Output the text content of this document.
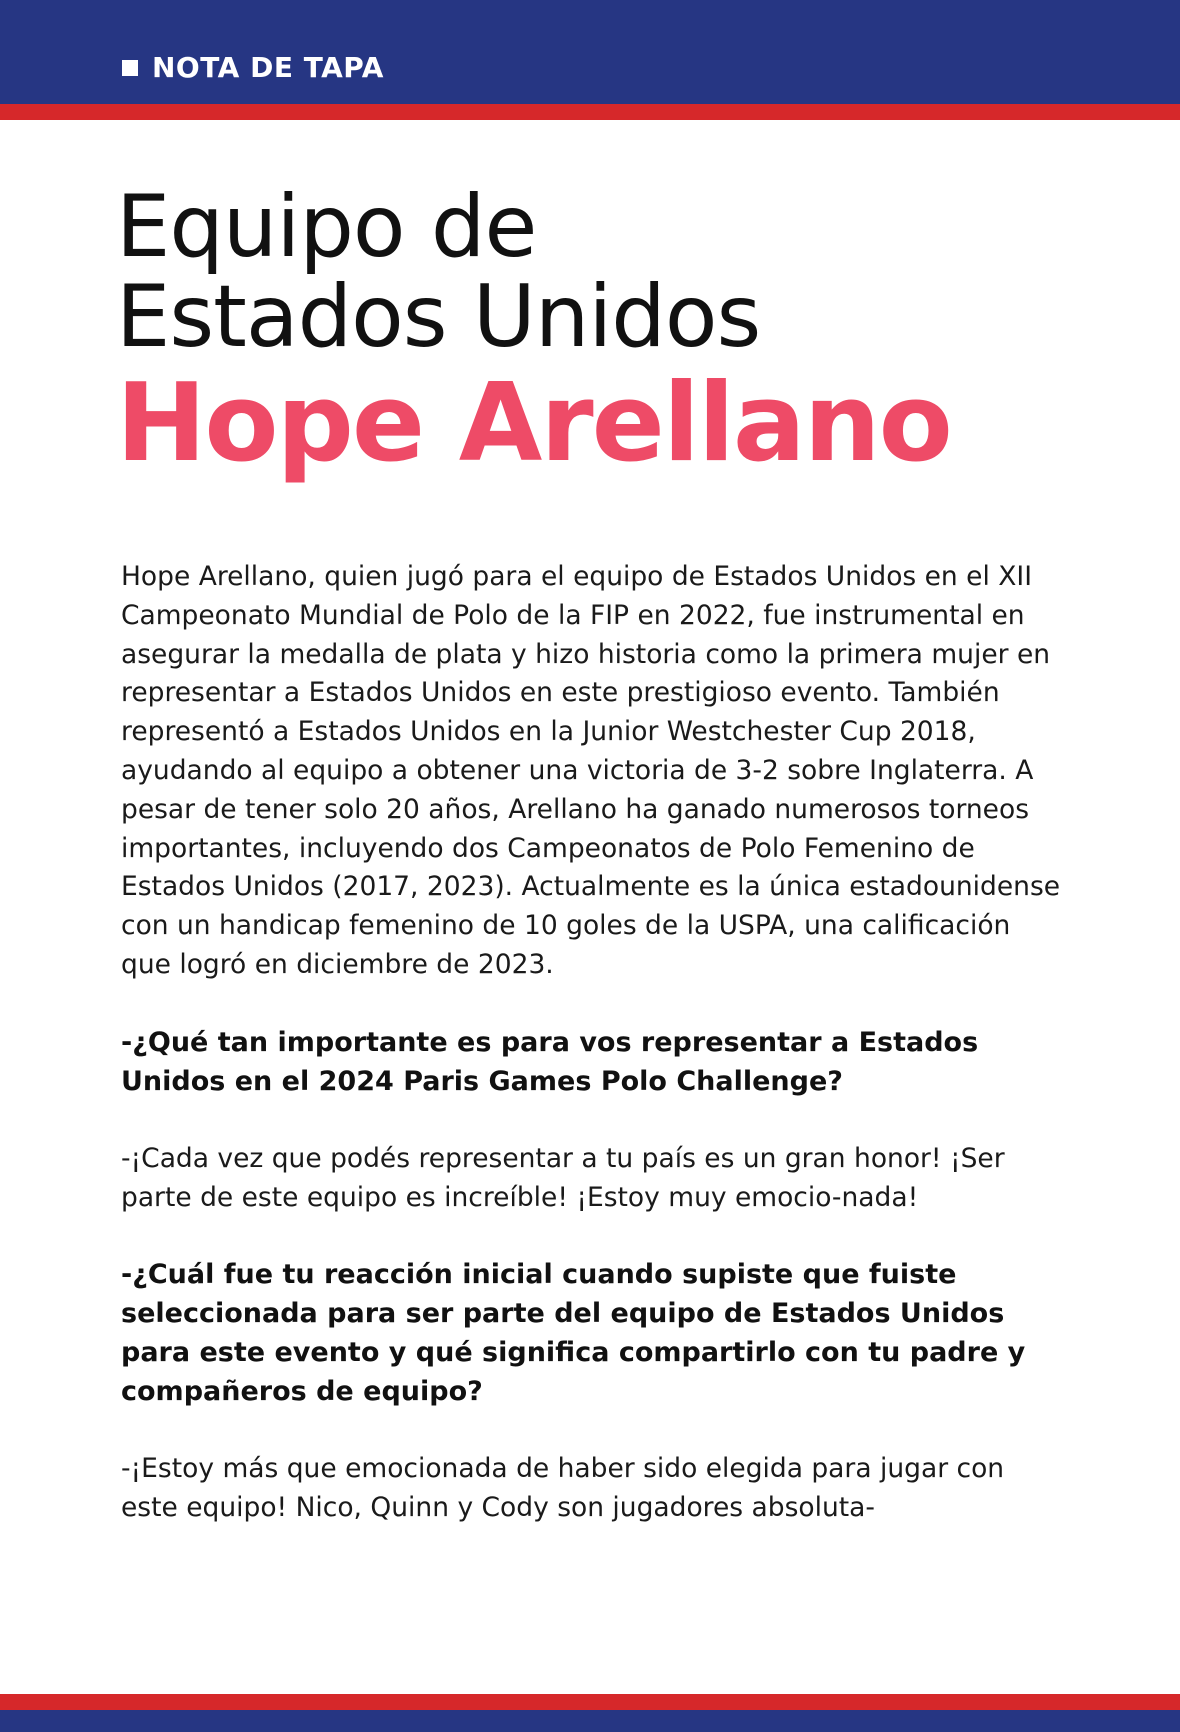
NOTA DE TAPA
Equipo de
Estados Unidos
Hope Arellano

Hope Arellano, quien jugó para el equipo de Estados Unidos en el XII Campeonato Mundial de Polo de la FIP en 2022, fue instrumental en asegurar la medalla de plata y hizo historia como la primera mujer en representar a Estados Unidos en este prestigioso evento. También representó a Estados Unidos en la Junior Westchester Cup 2018, ayudando al equipo a obtener una victoria de 3-2 sobre Inglaterra. A pesar de tener solo 20 años, Arellano ha ganado numerosos torneos importantes, incluyendo dos Campeonatos de Polo Femenino de Estados Unidos (2017, 2023). Actualmente es la única estadounidense con un handicap femenino de 10 goles de la USPA, una calificación que logró en diciembre de 2023.

-¿Qué tan importante es para vos representar a Estados Unidos en el 2024 Paris Games Polo Challenge?

-¡Cada vez que podés representar a tu país es un gran honor! ¡Ser parte de este equipo es increíble! ¡Estoy muy emocio-nada!

-¿Cuál fue tu reacción inicial cuando supiste que fuiste seleccionada para ser parte del equipo de Estados Unidos para este evento y qué significa compartirlo con tu padre y compañeros de equipo?

-¡Estoy más que emocionada de haber sido elegida para jugar con este equipo! Nico, Quinn y Cody son jugadores absoluta-
